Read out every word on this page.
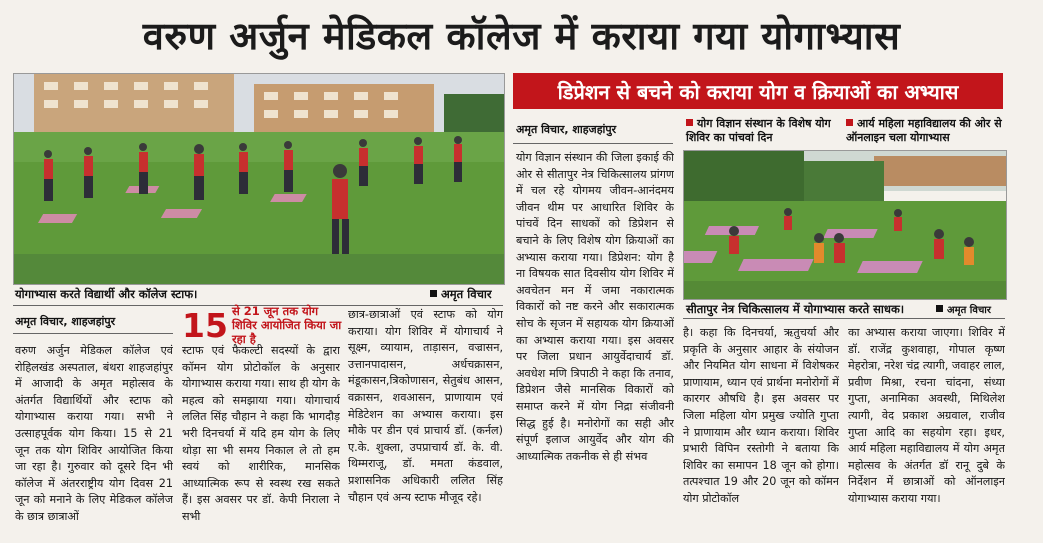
वरुण अर्जुन मेडिकल कॉलेज में कराया गया योगाभ्यास
योगाभ्यास करते विद्यार्थी और कॉलेज स्टाफ।	अमृत विचार
अमृत विचार, शाहजहांपुर 15 से 21 जून तक योग शिविर आयोजित किया जा रहा है

वरुण अर्जुन मेडिकल कॉलेज एवं रोहिलखंड अस्पताल, बंथरा शाहजहांपुर में आजादी के अमृत महोत्सव के अंतर्गत विद्यार्थियों और स्टाफ को योगाभ्यास कराया गया। सभी ने उत्साहपूर्वक योग किया। 15 से 21 जून तक योग शिविर आयोजित किया जा रहा है। गुरुवार को दूसरे दिन भी कॉलेज में अंतरराष्ट्रीय योग दिवस 21 जून को मनाने के लिए मेडिकल कॉलेज के छात्र छात्राओं

स्टाफ एवं फैकल्टी सदस्यों के द्वारा कॉमन योग प्रोटोकॉल के अनुसार योगाभ्यास कराया गया। साथ ही योग के महत्व को समझाया गया। योगाचार्य ललित सिंह चौहान ने कहा कि भागदौड़ भरी दिनचर्या में यदि हम योग के लिए थोड़ा सा भी समय निकाल ले तो हम स्वयं को शारीरिक, मानसिक आध्यात्मिक रूप से स्वस्थ रख सकते हैं। इस अवसर पर डॉ. केपी निराला ने सभी

छात्र-छात्राओं एवं स्टाफ को योग कराया। योग शिविर में योगाचार्य ने सूक्ष्म, व्यायाम, ताड़ासन, वज्रासन, उत्तानपादासन, अर्धचक्रासन, मंडूकासन,त्रिकोणासन, सेतुबंध आसन, वक्रासन, शवआसन, प्राणायाम एवं मेडिटेशन का अभ्यास कराया। इस मौके पर डीन एवं प्राचार्य डॉ. (कर्नल) ए.के. शुक्ला, उपप्राचार्य डॉ. के. वी. थिम्मराजू, डॉ. ममता कंडवाल, प्रशासनिक अधिकारी ललित सिंह चौहान एवं अन्य स्टाफ मौजूद रहे।

डिप्रेशन से बचने को कराया योग व क्रियाओं का अभ्यास
अमृत विचार, शाहजहांपुर	योग विज्ञान संस्थान के विशेष योग शिविर का पांचवां दिन
आर्य महिला महाविद्यालय की ओर से ऑनलाइन चला योगाभ्यास
सीतापुर नेत्र चिकित्सालय में योगाभ्यास करते साधक।	अमृत विचार

योग विज्ञान संस्थान की जिला इकाई की ओर से सीतापुर नेत्र चिकित्सालय प्रांगण में चल रहे योगमय जीवन-आनंदमय जीवन थीम पर आधारित शिविर के पांचवें दिन साधकों को डिप्रेशन से बचाने के लिए विशेष योग क्रियाओं का अभ्यास कराया गया। डिप्रेशन: योग है ना विषयक सात दिवसीय योग शिविर में अवचेतन मन में जमा नकारात्मक विकारों को नष्ट करने और सकारात्मक सोच के सृजन में सहायक योग क्रियाओं का अभ्यास कराया गया। इस अवसर पर जिला प्रधान आयुर्वेदाचार्य डॉ. अवधेश मणि त्रिपाठी ने कहा कि तनाव, डिप्रेशन जैसे मानसिक विकारों को समाप्त करने में योग निद्रा संजीवनी सिद्ध हुई है। मनोरोगों का सही और संपूर्ण इलाज आयुर्वेद और योग की आध्यात्मिक तकनीक से ही संभव

है। कहा कि दिनचर्या, ऋतुचर्या और प्रकृति के अनुसार आहार के संयोजन और नियमित योग साधना में विशेषकर प्राणायाम, ध्यान एवं प्रार्थना मनोरोगों में कारगर औषधि है। इस अवसर पर जिला महिला योग प्रमुख ज्योति गुप्ता ने प्राणायाम और ध्यान कराया। शिविर प्रभारी विपिन रस्तोगी ने बताया कि शिविर का समापन 18 जून को होगा। तत्पश्चात 19 और 20 जून को कॉमन योग प्रोटोकॉल

का अभ्यास कराया जाएगा। शिविर में डॉ. राजेंद्र कुशवाहा, गोपाल कृष्ण मेहरोत्रा, नरेश चंद्र त्यागी, जवाहर लाल, प्रवीण मिश्रा, रचना चांदना, संध्या गुप्ता, अनामिका अवस्थी, मिथिलेश त्यागी, वेद प्रकाश अग्रवाल, राजीव गुप्ता आदि का सहयोग रहा। इधर, आर्य महिला महाविद्यालय में योग अमृत महोत्सव के अंतर्गत डॉ रानू दुबे के निर्देशन में छात्राओं को ऑनलाइन योगाभ्यास कराया गया।
